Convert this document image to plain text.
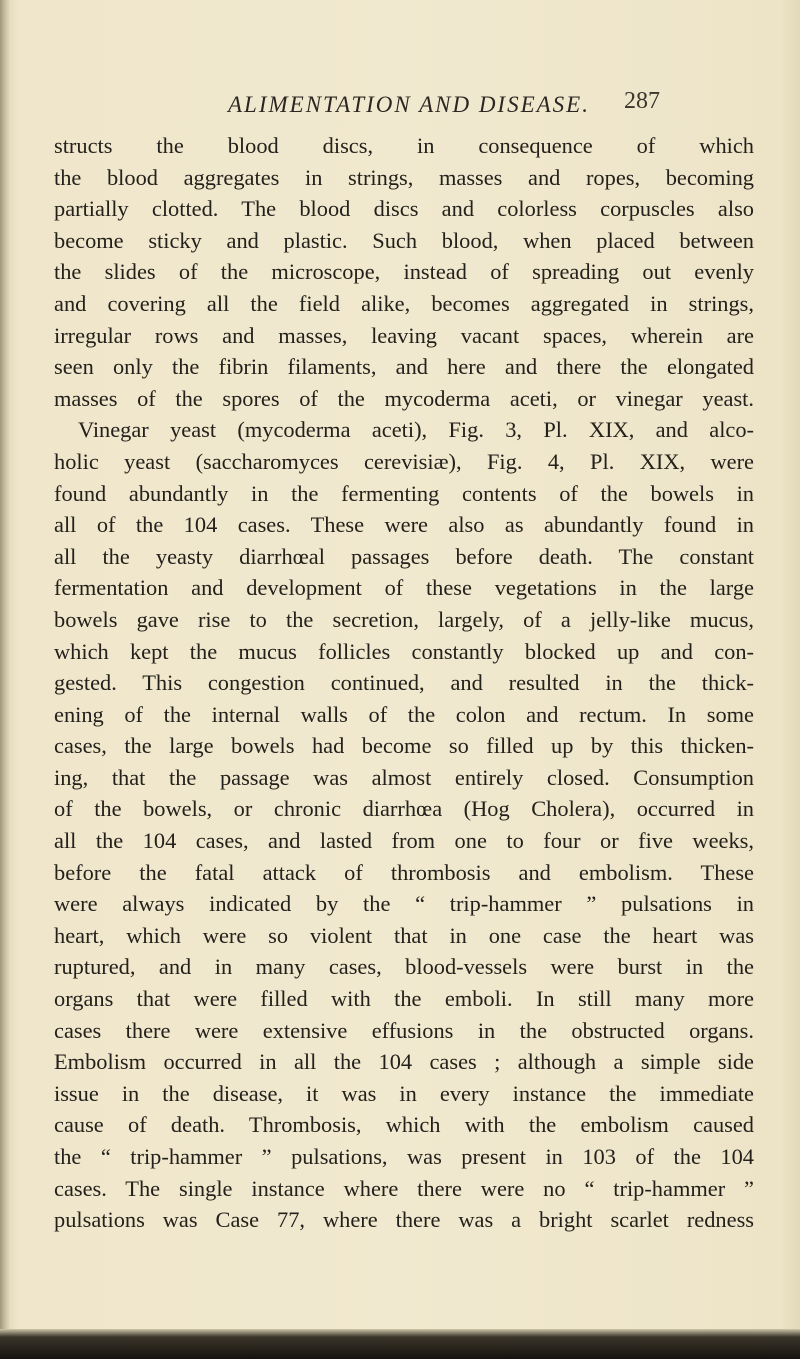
ALIMENTATION AND DISEASE. 287
structs the blood discs, in consequence of which
the blood aggregates in strings, masses and ropes, becoming
partially clotted. The blood discs and colorless corpuscles also
become sticky and plastic. Such blood, when placed between
the slides of the microscope, instead of spreading out evenly
and covering all the field alike, becomes aggregated in strings,
irregular rows and masses, leaving vacant spaces, wherein are
seen only the fibrin filaments, and here and there the elongated
masses of the spores of the mycoderma aceti, or vinegar yeast.
Vinegar yeast (mycoderma aceti), Fig. 3, Pl. XIX, and alco-
holic yeast (saccharomyces cerevisiæ), Fig. 4, Pl. XIX, were
found abundantly in the fermenting contents of the bowels in
all of the 104 cases. These were also as abundantly found in
all the yeasty diarrhœal passages before death. The constant
fermentation and development of these vegetations in the large
bowels gave rise to the secretion, largely, of a jelly-like mucus,
which kept the mucus follicles constantly blocked up and con-
gested. This congestion continued, and resulted in the thick-
ening of the internal walls of the colon and rectum. In some
cases, the large bowels had become so filled up by this thicken-
ing, that the passage was almost entirely closed. Consumption
of the bowels, or chronic diarrhœa (Hog Cholera), occurred in
all the 104 cases, and lasted from one to four or five weeks,
before the fatal attack of thrombosis and embolism. These
were always indicated by the “ trip-hammer ” pulsations in
heart, which were so violent that in one case the heart was
ruptured, and in many cases, blood-vessels were burst in the
organs that were filled with the emboli. In still many more
cases there were extensive effusions in the obstructed organs.
Embolism occurred in all the 104 cases ; although a simple side
issue in the disease, it was in every instance the immediate
cause of death. Thrombosis, which with the embolism caused
the “ trip-hammer ” pulsations, was present in 103 of the 104
cases. The single instance where there were no “ trip-hammer ”
pulsations was Case 77, where there was a bright scarlet redness
